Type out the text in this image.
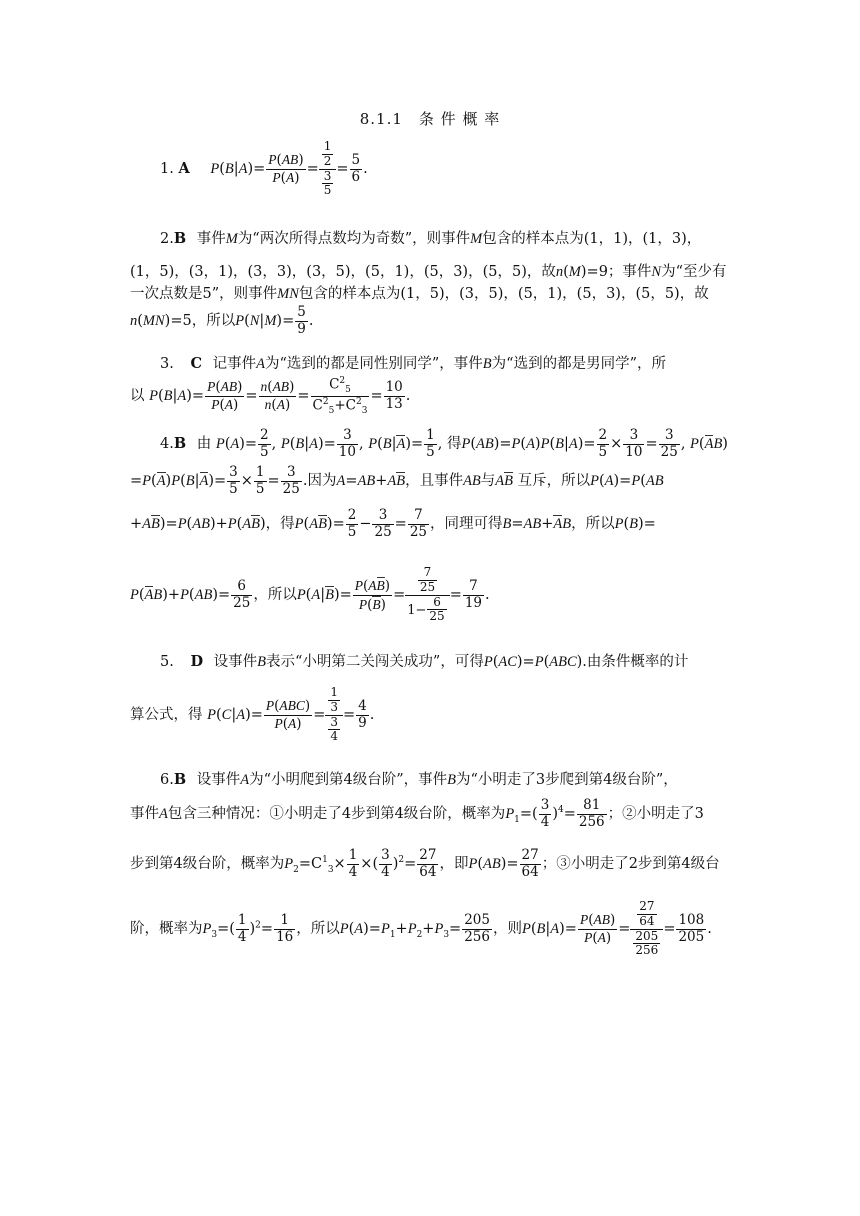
8.1.1　条 件 概 率
1. A $P(B|A)= \frac{P(AB)}{P(A)} = \frac{\frac{1}{2}}{\frac{3}{5}} = \frac{5}{6}$ .
2.B 事件M为“两次所得点数均为奇数”，则事件M包含的样本点为(1，1)，(1，3)，
(1，5)，(3，1)，(3，3)，(3，5)，(5，1)，(5，3)，(5，5)，故n(M)=9；事件N为“至少有
一次点数是5”，则事件MN包含的样本点为(1，5)，(3，5)，(5，1)，(5，3)，(5，5)，故
n(MN)=5，所以$P(N|M)= \frac{5}{9}$ .
3. C 记事件A为“选到的都是同性别同学”，事件B为“选到的都是男同学”，所
以 $P(B|A)= \frac{P(AB)}{P(A)} = \frac{n(AB)}{n(A)} = \frac{C^2_5}{C^2_5+C^2_3} = \frac{10}{13}$ .
4.B 由 $P(A)= \frac{2}{5}$ , $P(B|A)= \frac{3}{10}$ , $P(B|A)= \frac{1}{5}$ , 得$P(AB)=P(A)P(B|A)= \frac{2}{5} \times \frac{3}{10} = \frac{3}{25}$ , P(AB)
$=P(A)P(B|A)= \frac{3}{5} \times \frac{1}{5} = \frac{3}{25}$ .因为A=AB+AB，且事件AB与AB 互斥，所以P(A)=P(AB
+AB)=P(AB)+P(AB)，得$P(AB)= \frac{2}{5} - \frac{3}{25} = \frac{7}{25}$ ，同理可得B=AB+AB，所以P(B)=
$P(AB)+P(AB)= \frac{6}{25}$ ，所以$P(A|B)= \frac{P(AB)}{P(B)} = \frac{\frac{7}{25}}{1- \frac{6}{25}} = \frac{7}{19}$ .
5. D 设事件B表示“小明第二关闯关成功”，可得P(AC)=P(ABC).由条件概率的计
算公式，得 $P(C|A)= \frac{\text{P(ABC)}}{P(A)} = \frac{\frac{1}{3}}{\frac{3}{4}} = \frac{4}{9}$ .
6.B 设事件A为“小明爬到第4级台阶”，事件B为“小明走了3步爬到第4级台阶”，
事件A包含三种情况：①小明走了4步到第4级台阶，概率为$P_1=( \frac{3}{4} )^4= \frac{81}{256}$ ；②小明走了3
步到第4级台阶，概率为$P_2=C^1_3\times \frac{1}{4}$ ×( $\frac{3}{4} )^2= \frac{27}{64}$ ，即$P(AB)= \frac{27}{64}$ ；③小明走了2步到第4级台
阶，概率为$P_3=( \frac{1}{4} )^2= \frac{1}{16}$ ，所以$P(A)=P_1+P_2+P_3= \frac{205}{256}$ ，则$P(B|A)= \frac{P(AB)}{P(A)} = \frac{\frac{27}{64}}{\frac{205}{256}} = \frac{108}{205}$ .
